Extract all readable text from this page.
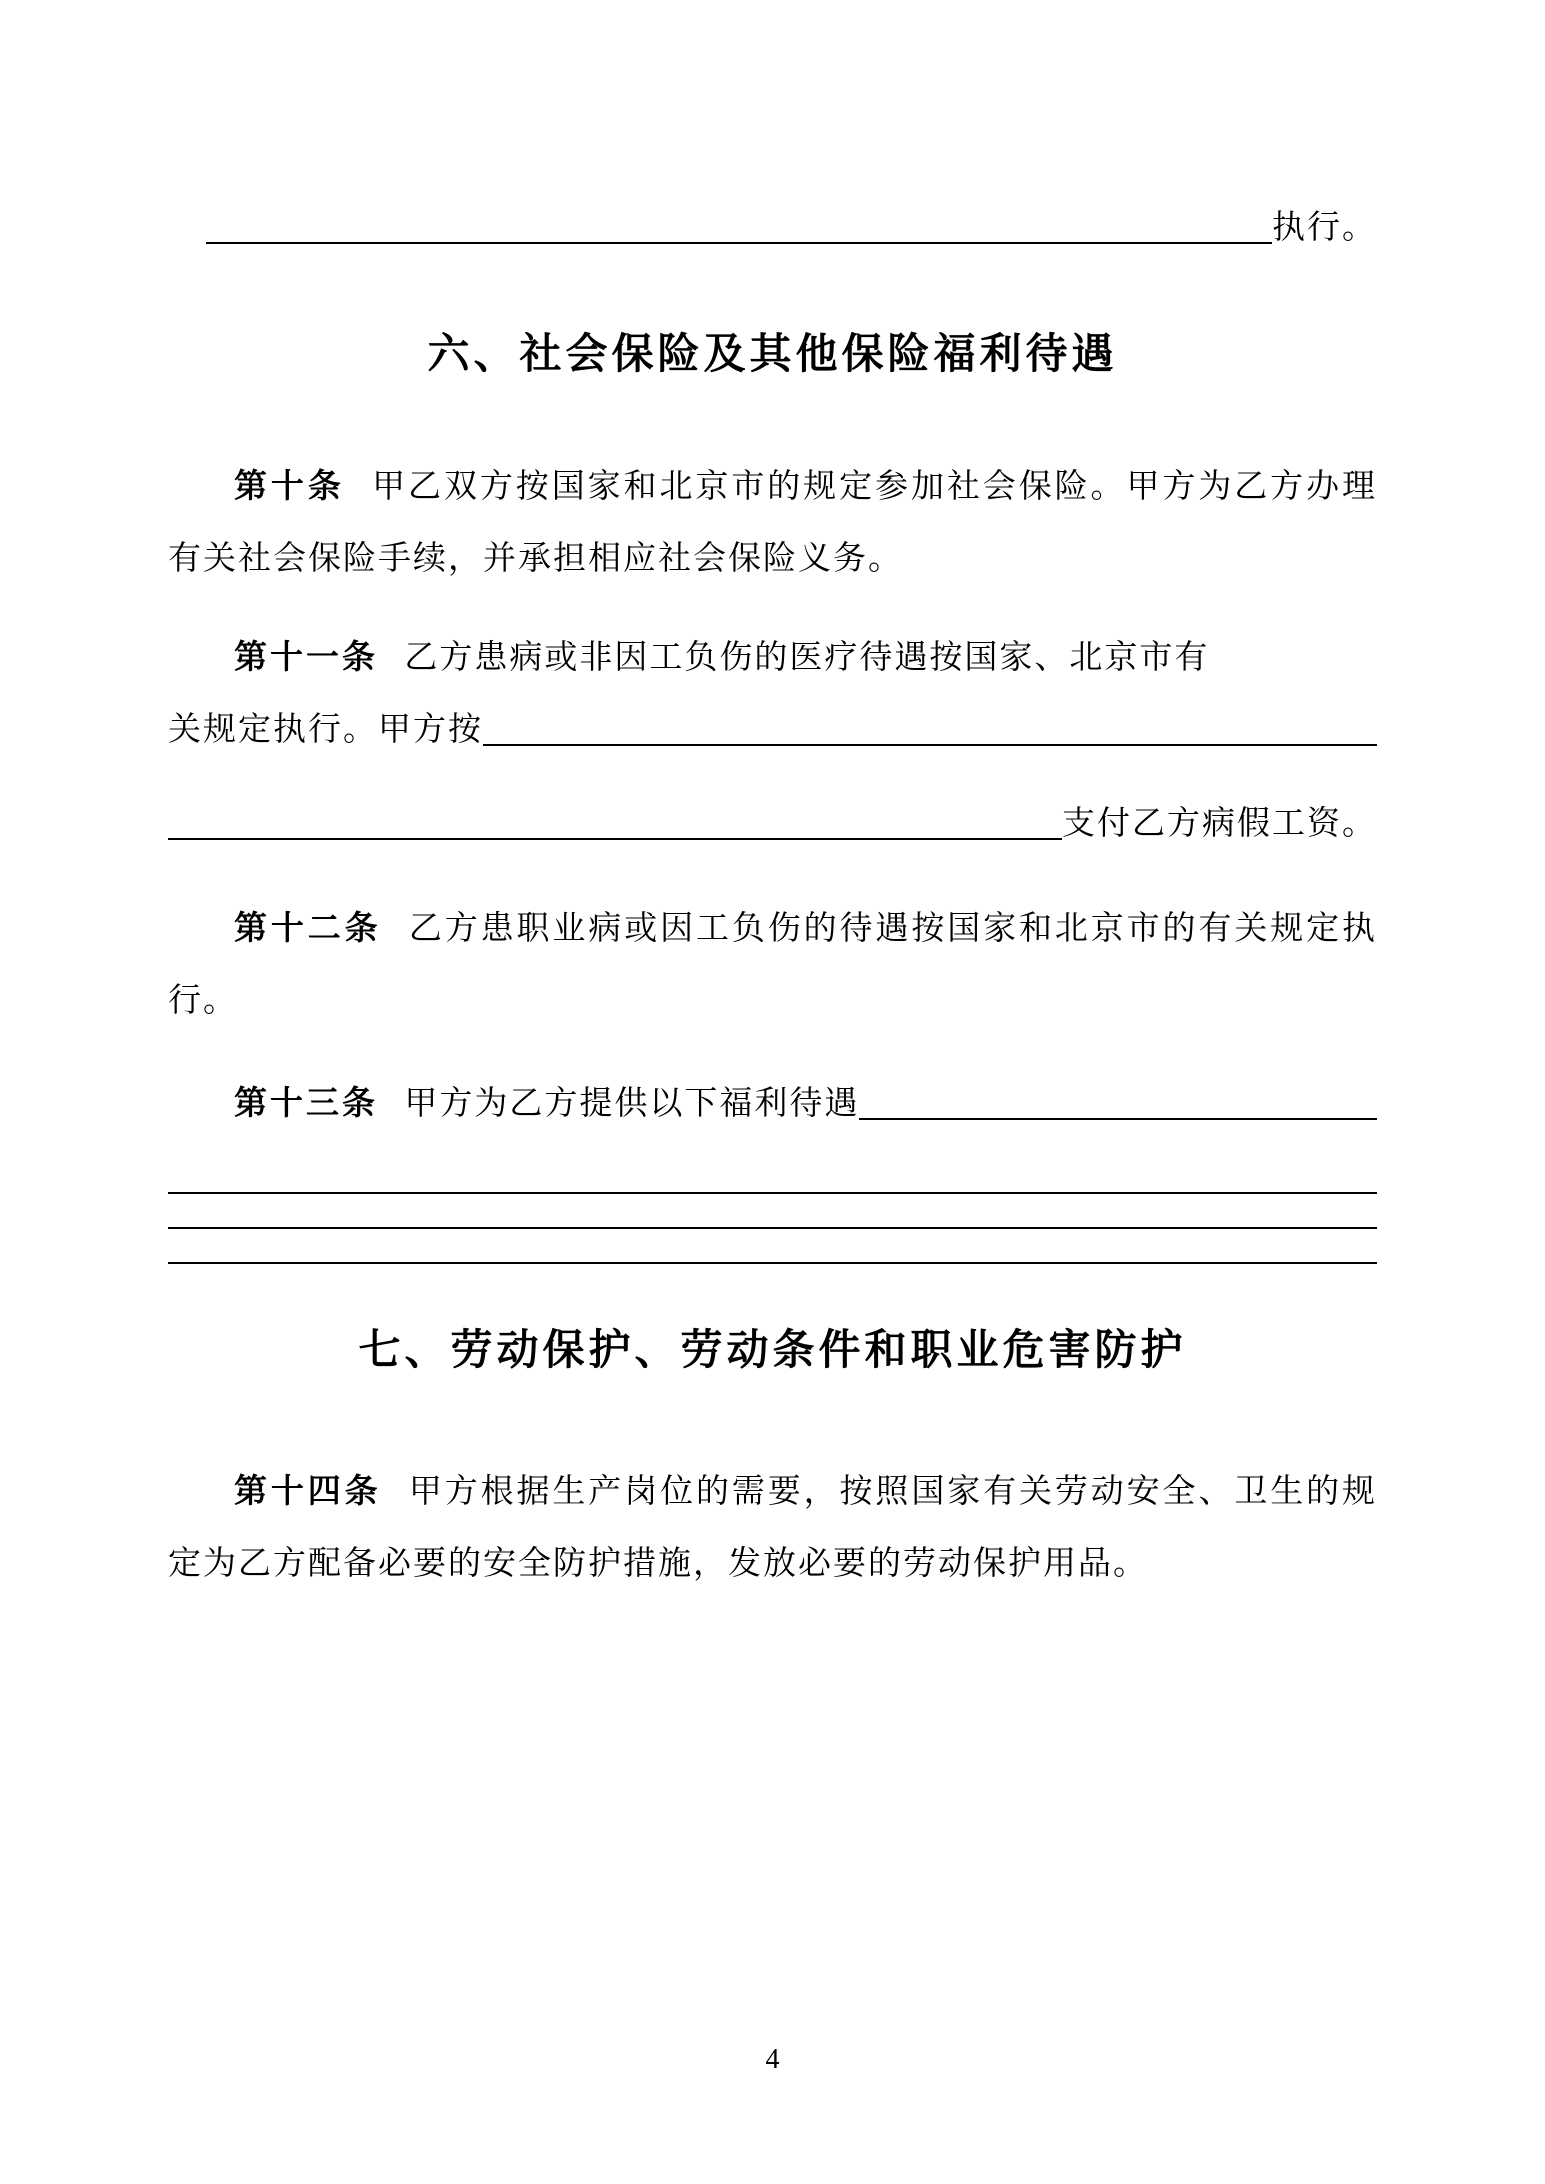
执行。
六、社会保险及其他保险福利待遇

第十条 甲乙双方按国家和北京市的规定参加社会保险。甲方为乙方办理有关社会保险手续，并承担相应社会保险义务。

第十一条 乙方患病或非因工负伤的医疗待遇按国家、北京市有
关规定执行。甲方按
支付乙方病假工资。

第十二条 乙方患职业病或因工负伤的待遇按国家和北京市的有关规定执行。

第十三条 甲方为乙方提供以下福利待遇
七、劳动保护、劳动条件和职业危害防护

第十四条 甲方根据生产岗位的需要，按照国家有关劳动安全、卫生的规定为乙方配备必要的安全防护措施，发放必要的劳动保护用品。

4
